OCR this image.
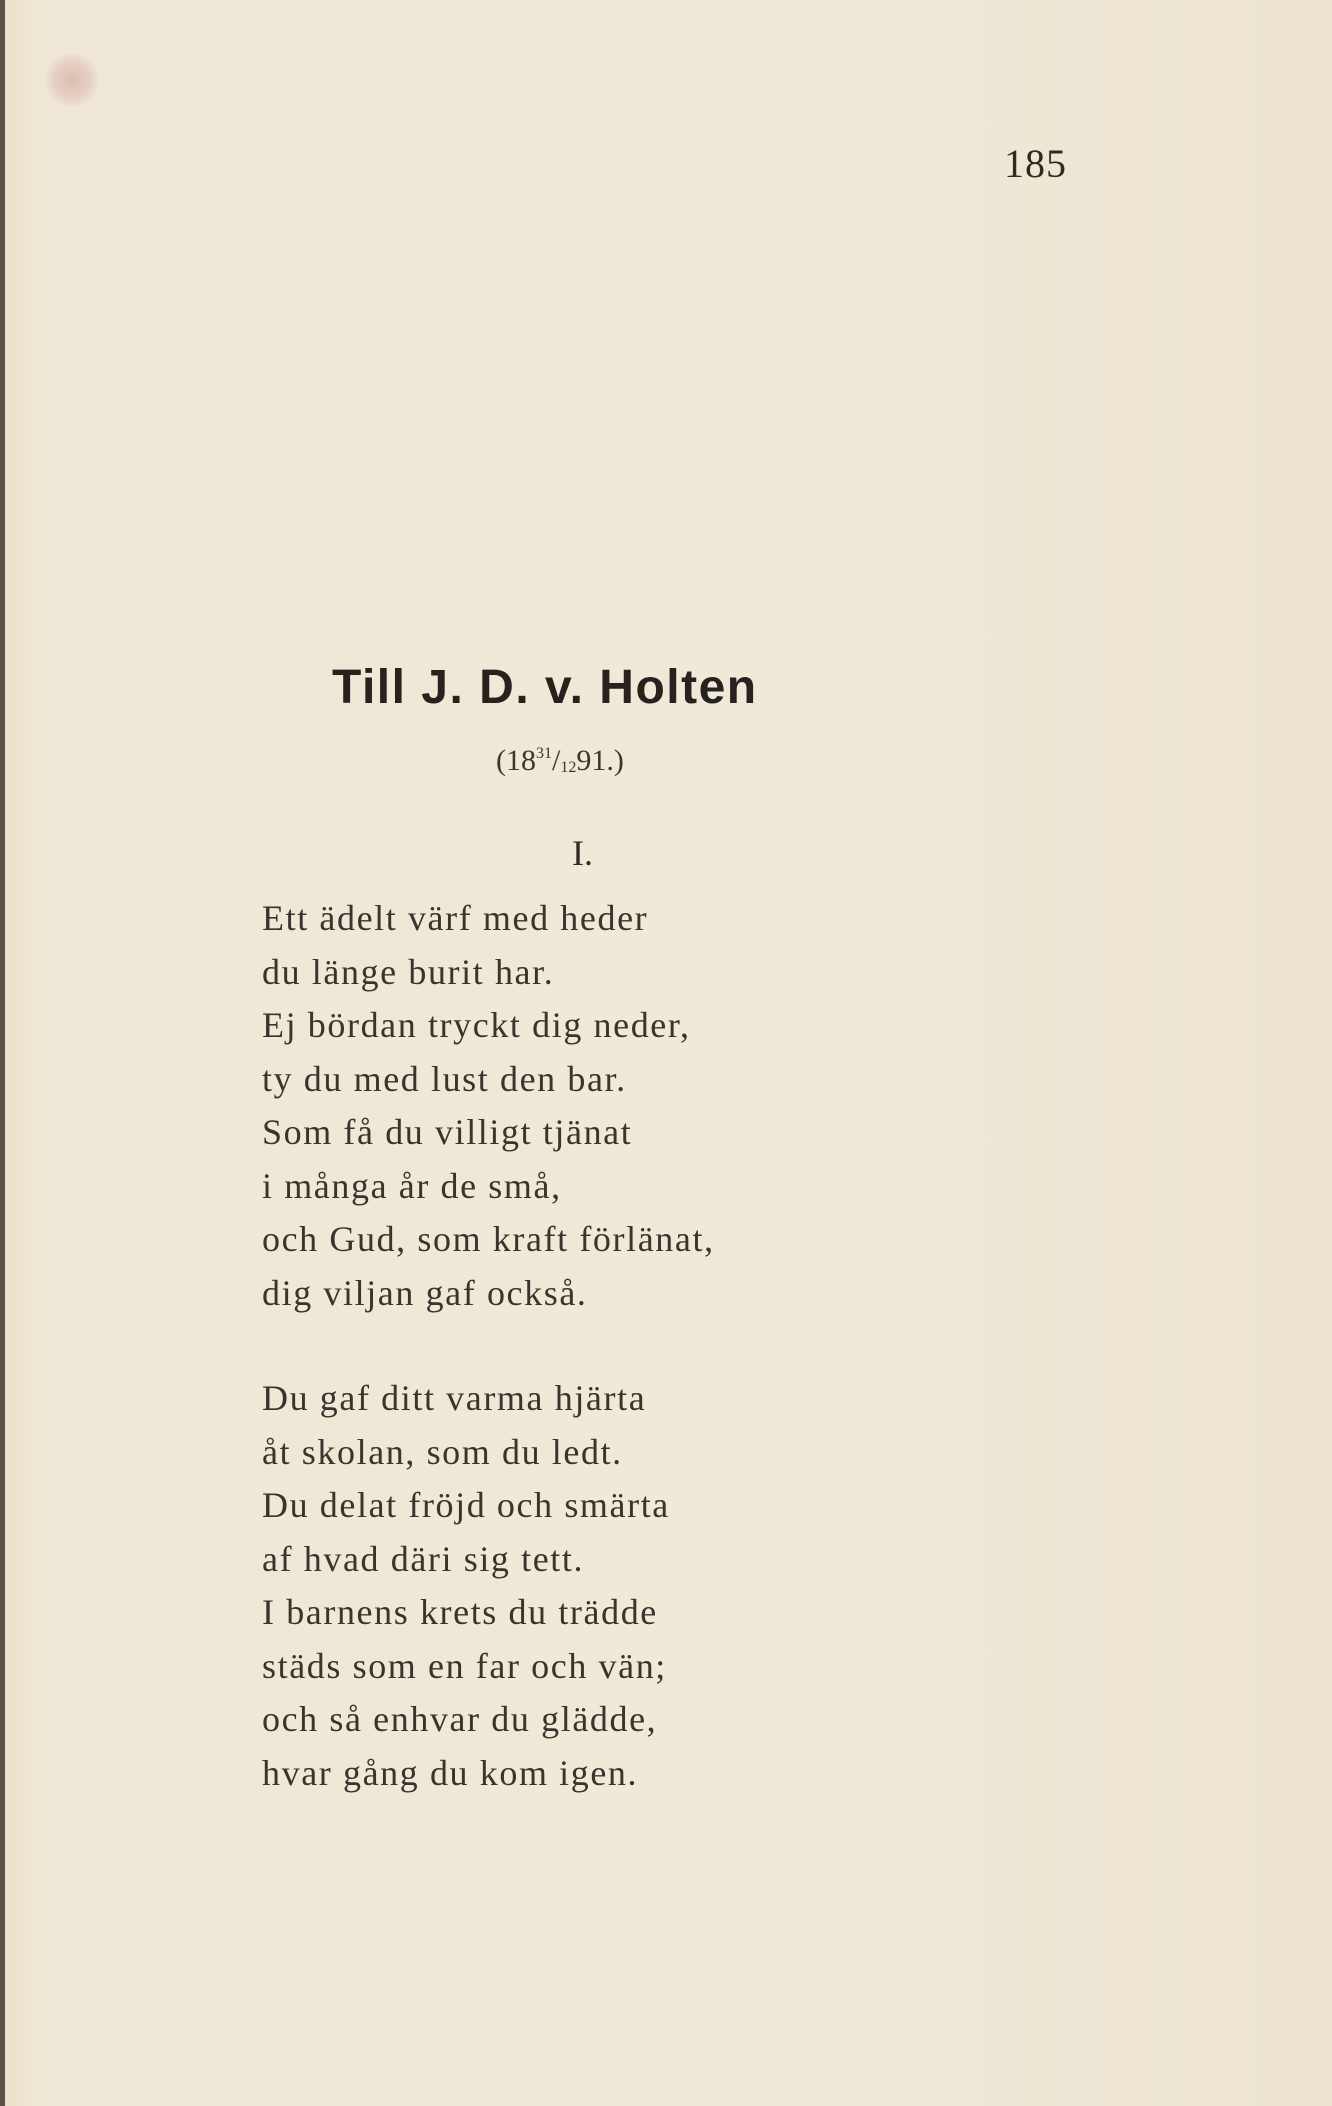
185
Till J. D. v. Holten
$(18^{31}/_{12}91.)$
I.
Ett ädelt värf med heder
du länge burit har.
Ej bördan tryckt dig neder,
ty du med lust den bar.
Som få du villigt tjänat
i många år de små,
och Gud, som kraft förlänat,
dig viljan gaf också.
Du gaf ditt varma hjärta
åt skolan, som du ledt.
Du delat fröjd och smärta
af hvad däri sig tett.
I barnens krets du trädde
städs som en far och vän;
och så enhvar du glädde,
hvar gång du kom igen.
